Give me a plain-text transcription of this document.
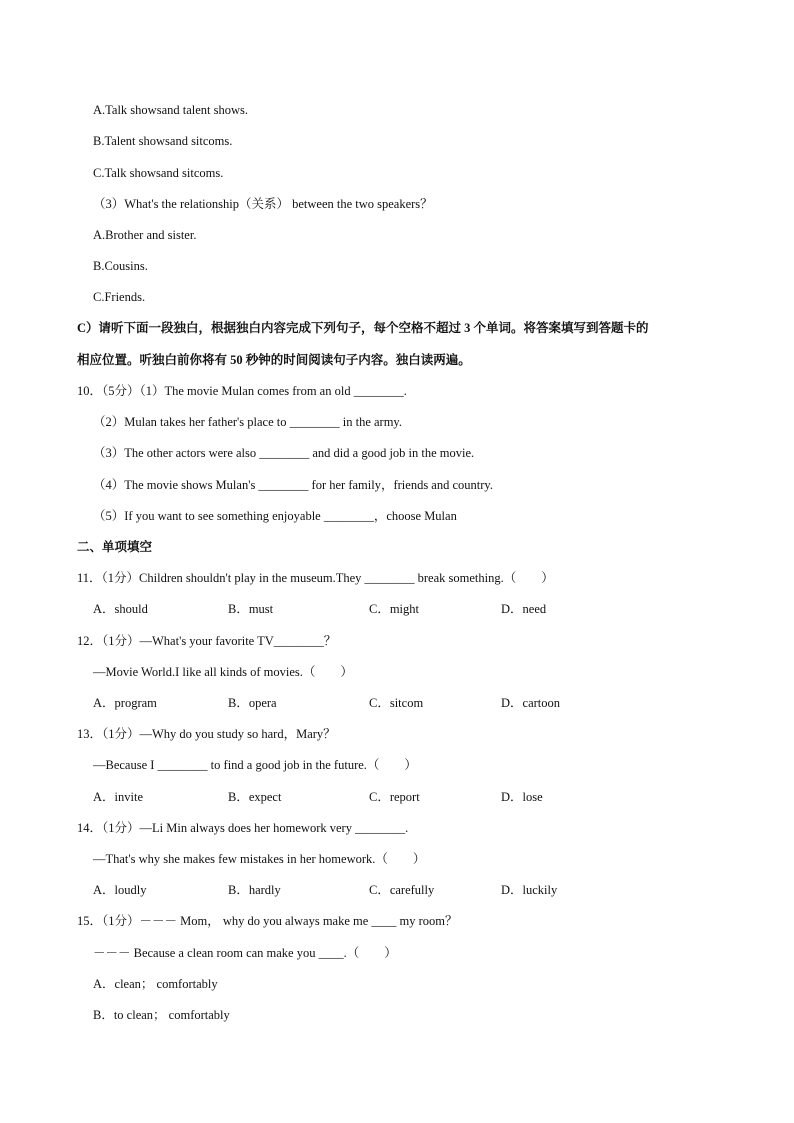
A.Talk showsand talent shows.
B.Talent showsand sitcoms.
C.Talk showsand sitcoms.
（3）What's the relationship（关系） between the two speakers？
A.Brother and sister.
B.Cousins.
C.Friends.
C）请听下面一段独白，根据独白内容完成下列句子，每个空格不超过 3 个单词。将答案填写到答题卡的
相应位置。听独白前你将有 50 秒钟的时间阅读句子内容。独白读两遍。
10．（5分）（1）The movie Mulan comes from an old ________.
（2）Mulan takes her father's place to ________ in the army.
（3）The other actors were also ________ and did a good job in the movie.
（4）The movie shows Mulan's ________ for her family，friends and country.
（5）If you want to see something enjoyable ________，choose Mulan
二、单项填空
11．（1分）Children shouldn't play in the museum.They ________ break something.（　　）
A．should	B．must	C．might	D．need
12．（1分）—What's your favorite TV________？
—Movie World.I like all kinds of movies.（　　）
A．program	B．opera	C．sitcom	D．cartoon
13．（1分）—Why do you study so hard，Mary？
—Because I ________ to find a good job in the future.（　　）
A．invite	B．expect	C．report	D．lose
14．（1分）—Li Min always does her homework very ________.
—That's why she makes few mistakes in her homework.（　　）
A．loudly	B．hardly	C．carefully	D．luckily
15．（1分）－－－ Mom， why do you always make me ____ my room？
－－－ Because a clean room can make you ____.（　　）
A．clean； comfortably
B．to clean； comfortably
